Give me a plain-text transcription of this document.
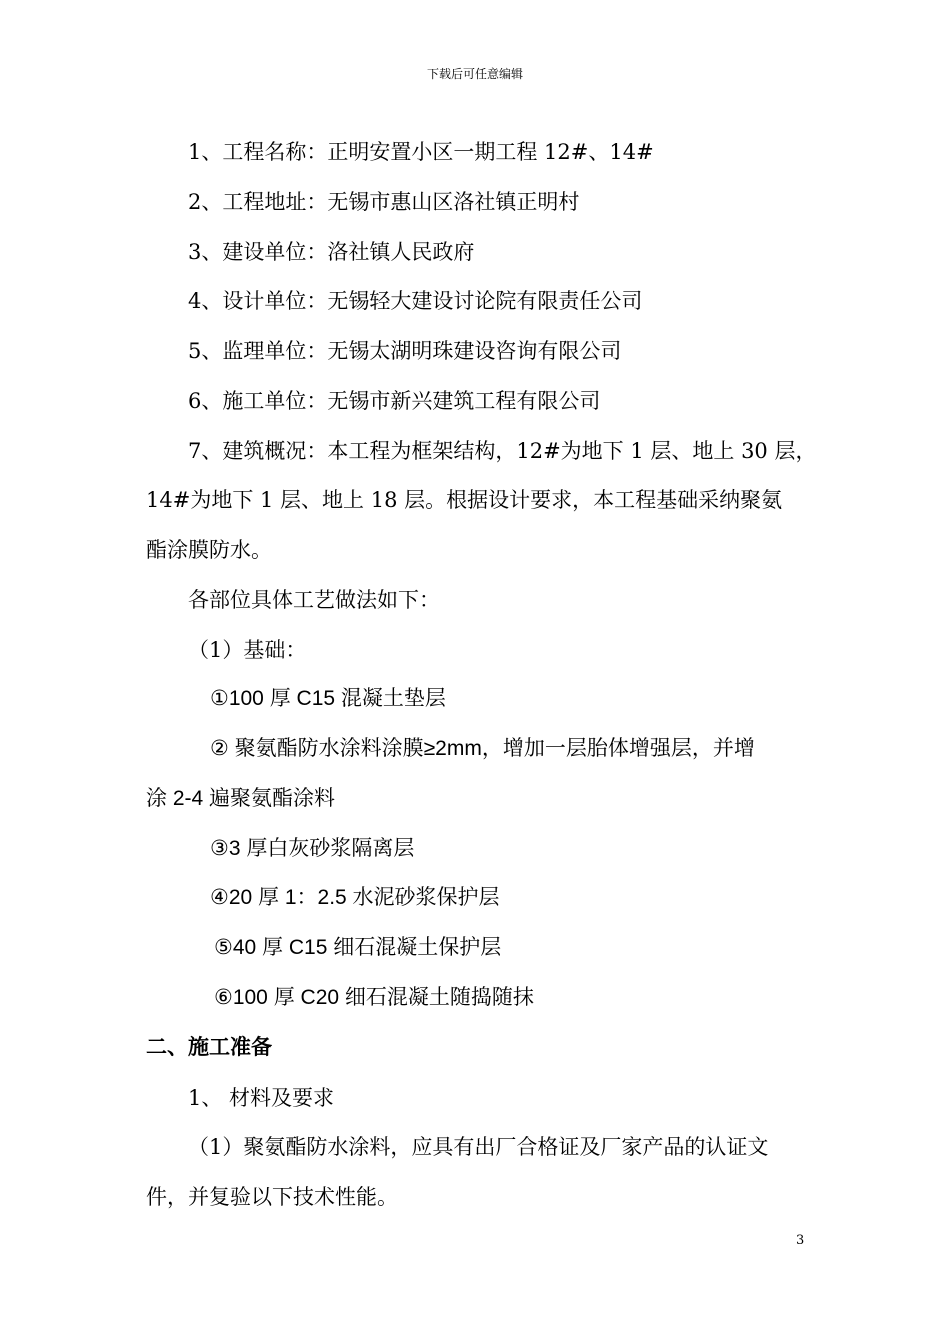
下载后可任意编辑

1、工程名称：正明安置小区一期工程 12#、14#

2、工程地址：无锡市惠山区洛社镇正明村

3、建设单位：洛社镇人民政府

4、设计单位：无锡轻大建设讨论院有限责任公司

5、监理单位：无锡太湖明珠建设咨询有限公司

6、施工单位：无锡市新兴建筑工程有限公司

7、建筑概况：本工程为框架结构，12#为地下 1 层、地上 30 层，

14#为地下 1 层、地上 18 层。根据设计要求，本工程基础采纳聚氨

酯涂膜防水。

各部位具体工艺做法如下：

（1）基础：

①100 厚 C15 混凝土垫层

② 聚氨酯防水涂料涂膜≥2mm，增加一层胎体增强层，并增

涂 2-4 遍聚氨酯涂料

③3 厚白灰砂浆隔离层

④20 厚 1：2.5 水泥砂浆保护层

⑤40 厚 C15 细石混凝土保护层

⑥100 厚 C20 细石混凝土随捣随抹

二、施工准备

1、 材料及要求

（1）聚氨酯防水涂料，应具有出厂合格证及厂家产品的认证文

件，并复验以下技术性能。

3
